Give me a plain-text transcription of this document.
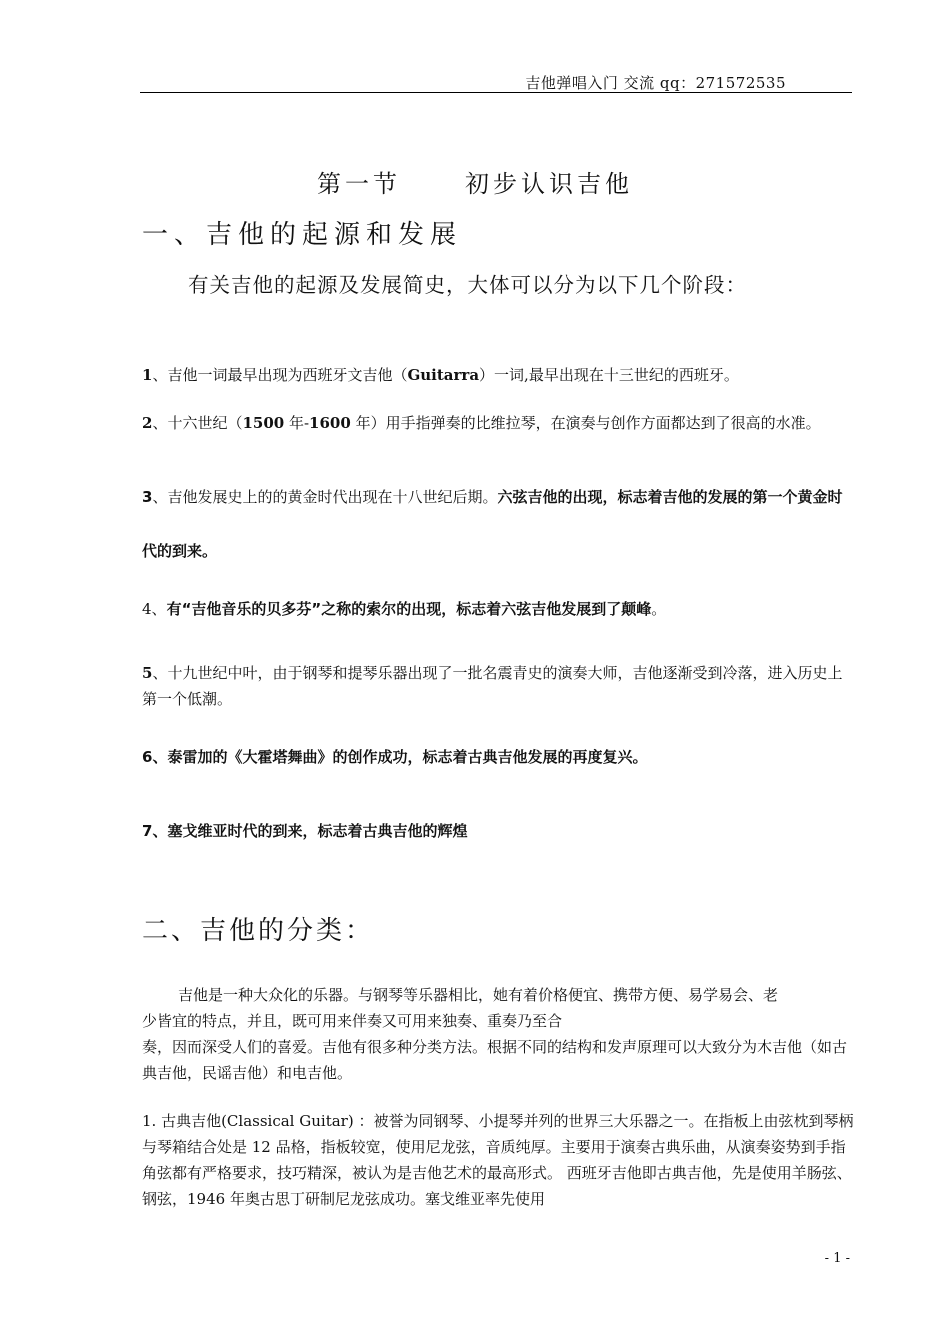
吉他弹唱入门 交流 qq：271572535
第一节	初步认识吉他
一、吉他的起源和发展
有关吉他的起源及发展简史，大体可以分为以下几个阶段：
1、吉他一词最早出现为西班牙文吉他（Guitarra）一词,最早出现在十三世纪的西班牙。
2、十六世纪（1500 年-1600 年）用手指弹奏的比维拉琴，在演奏与创作方面都达到了很高的水准。
3、吉他发展史上的的黄金时代出现在十八世纪后期。六弦吉他的出现，标志着吉他的发展的第一个黄金时代的到来。
4、有“吉他音乐的贝多芬”之称的索尔的出现，标志着六弦吉他发展到了颠峰。
5、十九世纪中叶，由于钢琴和提琴乐器出现了一批名震青史的演奏大师，吉他逐渐受到冷落，进入历史上第一个低潮。
6、泰雷加的《大霍塔舞曲》的创作成功，标志着古典吉他发展的再度复兴。
7、塞戈维亚时代的到来，标志着古典吉他的辉煌
二、吉他的分类：
吉他是一种大众化的乐器。与钢琴等乐器相比，她有着价格便宜、携带方便、易学易会、老
少皆宜的特点，并且，既可用来伴奏又可用来独奏、重奏乃至合
奏，因而深受人们的喜爱。吉他有很多种分类方法。根据不同的结构和发声原理可以大致分为木吉他（如古典吉他，民谣吉他）和电吉他。
1. 古典吉他(Classical Guitar) ：被誉为同钢琴、小提琴并列的世界三大乐器之一。在指板上由弦枕到琴柄与琴箱结合处是 12 品格，指板较宽，使用尼龙弦，音质纯厚。主要用于演奏古典乐曲，从演奏姿势到手指角弦都有严格要求，技巧精深，被认为是吉他艺术的最高形式。 西班牙吉他即古典吉他，先是使用羊肠弦、钢弦，1946 年奥古思丁研制尼龙弦成功。塞戈维亚率先使用
- 1 -
